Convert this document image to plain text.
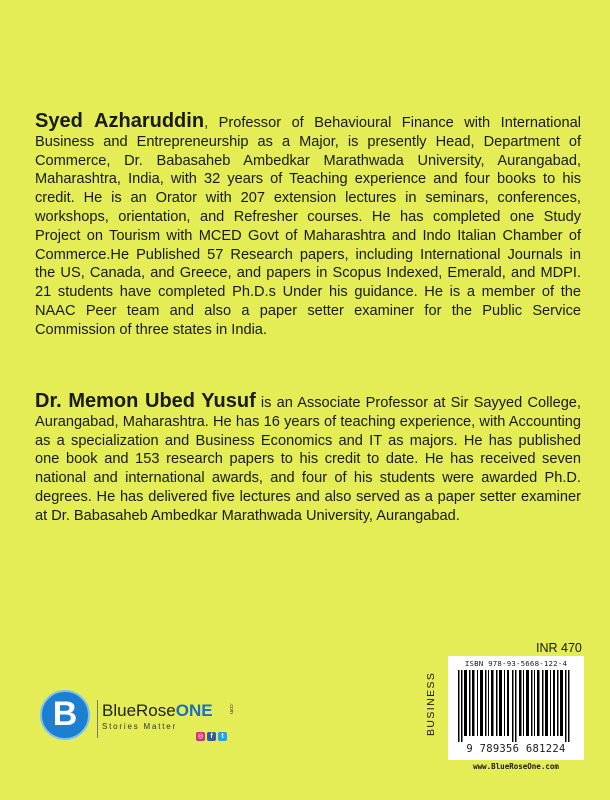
Syed Azharuddin, Professor of Behavioural Finance with International Business and Entrepreneurship as a Major, is presently Head, Department of Commerce, Dr. Babasaheb Ambedkar Marathwada University, Aurangabad, Maharashtra, India, with 32 years of Teaching experience and four books to his credit. He is an Orator with 207 extension lectures in seminars, conferences, workshops, orientation, and Refresher courses. He has completed one Study Project on Tourism with MCED Govt of Maharashtra and Indo Italian Chamber of Commerce.He Published 57 Research papers, including International Journals in the US, Canada, and Greece, and papers in Scopus Indexed, Emerald, and MDPI. 21 students have completed Ph.D.s Under his guidance. He is a member of the NAAC Peer team and also a paper setter examiner for the Public Service Commission of three states in India.

Dr. Memon Ubed Yusuf is an Associate Professor at Sir Sayyed College, Aurangabad, Maharashtra. He has 16 years of teaching experience, with Accounting as a specialization and Business Economics and IT as majors. He has published one book and 153 research papers to his credit to date. He has received seven national and international awards, and four of his students were awarded Ph.D. degrees. He has delivered five lectures and also served as a paper setter examiner at Dr. Babasaheb Ambedkar Marathwada University, Aurangabad.

INR 470
BUSINESS
ISBN 978-93-5668-122-4
9 789356 681224
www.BlueRoseOne.com
B	BlueRoseONE	.com
Stories Matter
◎ f	t
